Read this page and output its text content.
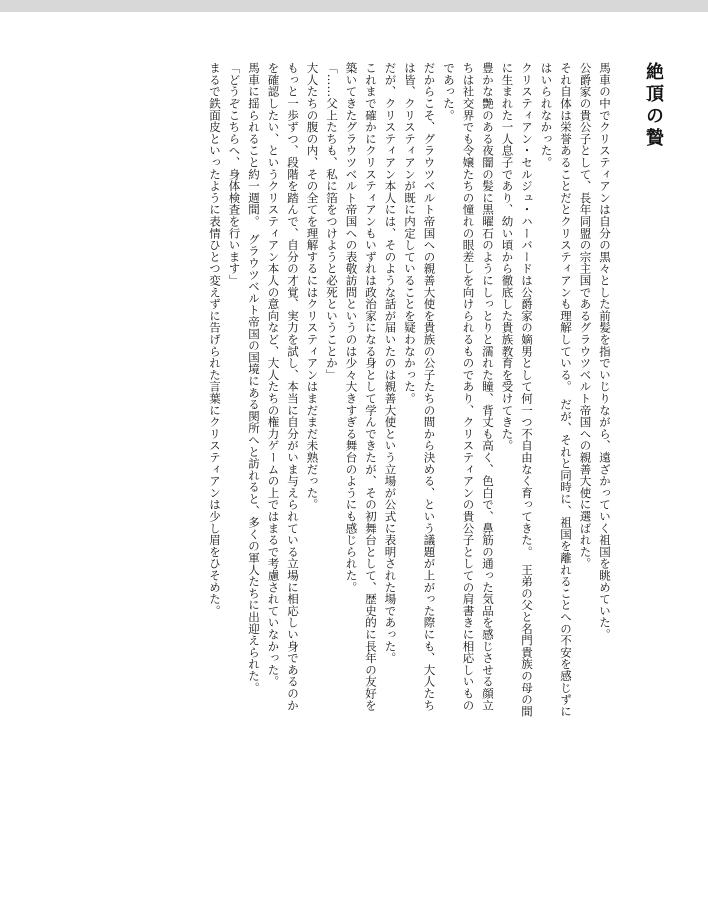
絶頂の贄

馬車の中でクリスティアンは自分の黒々とした前髪を指でいじりながら、遠ざかっていく祖国を眺めていた。

公爵家の貴公子として、長年同盟の宗主国であるグラウツベルト帝国への親善大使に選ばれた。

それ自体は栄誉あることだとクリスティアンも理解している。　だが、それと同時に、祖国を離れることへの不安を感じずにはいられなかった。

クリスティアン・セルジュ・ハーバードは公爵家の嫡男として何一つ不自由なく育ってきた。　王弟の父と名門貴族の母の間に生まれた一人息子であり、幼い頃から徹底した貴族教育を受けてきた。

豊かな艶のある夜闇の髪に黒曜石のようにしっとりと濡れた瞳、背丈も高く、色白で、鼻筋の通った気品を感じさせる顔立ちは社交界でも令嬢たちの憧れの眼差しを向けられるものであり、クリスティアンの貴公子としての肩書きに相応しいものであった。

だからこそ、グラウツベルト帝国への親善大使を貴族の公子たちの間から決める、という議題が上がった際にも、大人たちは皆、クリスティアンが既に内定していることを疑わなかった。

だが、クリスティアン本人には、そのような話が届いたのは親善大使という立場が公式に表明された場であった。

これまで確かにクリスティアンもいずれは政治家になる身として学んできたが、その初舞台として、歴史的に長年の友好を築いてきたグラウツベルト帝国への表敬訪問というのは少々大きすぎる舞台のようにも感じられた。

「……父上たちも、私に箔をつけようと必死ということか」

大人たちの腹の内、その全てを理解するにはクリスティアンはまだまだ未熟だった。

もっと一歩ずつ、段階を踏んで、自分の才覚、実力を試し、本当に自分がいま与えられている立場に相応しい身であるのかを確認したい、というクリスティアン本人の意向など、大人たちの権力ゲームの上ではまるで考慮されていなかった。

馬車に揺られること約一週間。　グラウツベルト帝国の国境にある関所へと訪れると、多くの軍人たちに出迎えられた。

「どうぞこちらへ、身体検査を行います」

まるで鉄面皮といったように表情ひとつ変えずに告げられた言葉にクリスティアンは少し眉をひそめた。
